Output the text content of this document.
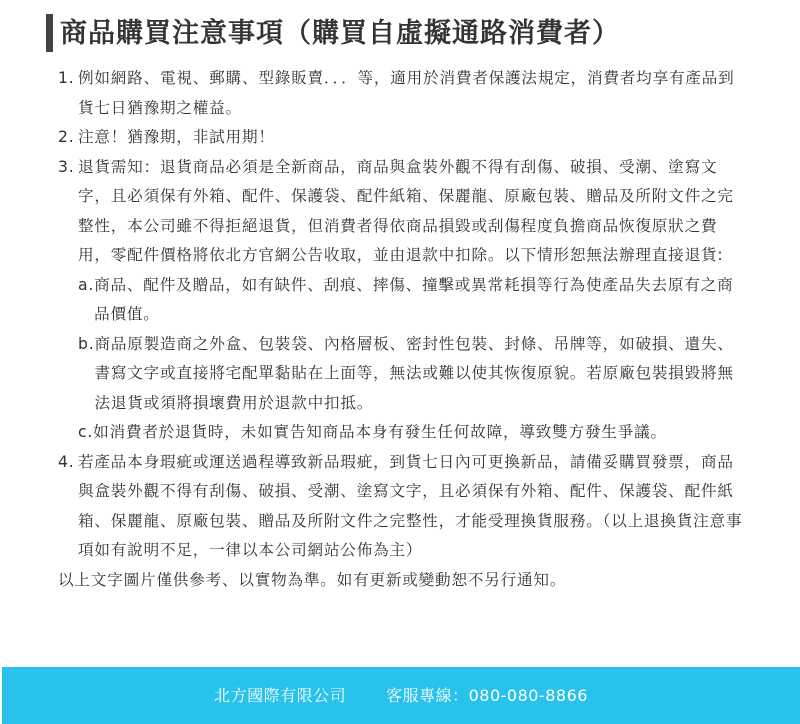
商品購買注意事項（購買自虛擬通路消費者）
1. 例如網路、電視、郵購、型錄販賣．．．等，適用於消費者保護法規定，消費者均享有產品到貨七日猶豫期之權益。
2. 注意！猶豫期，非試用期！
3. 退貨需知：退貨商品必須是全新商品，商品與盒裝外觀不得有刮傷、破損、受潮、塗寫文字，且必須保有外箱、配件、保護袋、配件紙箱、保麗龍、原廠包裝、贈品及所附文件之完整性，本公司雖不得拒絕退貨，但消費者得依商品損毀或刮傷程度負擔商品恢復原狀之費用，零配件價格將依北方官網公告收取，並由退款中扣除。以下情形恕無法辦理直接退貨:
a. 商品、配件及贈品，如有缺件、刮痕、摔傷、撞擊或異常耗損等行為使產品失去原有之商品價值。
b. 商品原製造商之外盒、包裝袋、內格層板、密封性包裝、封條、吊牌等，如破損、遺失、書寫文字或直接將宅配單黏貼在上面等，無法或難以使其恢復原貌。若原廠包裝損毀將無法退貨或須將損壞費用於退款中扣抵。
c. 如消費者於退貨時，未如實告知商品本身有發生任何故障，導致雙方發生爭議。
4. 若產品本身瑕疵或運送過程導致新品瑕疵，到貨七日內可更換新品，請備妥購買發票，商品與盒裝外觀不得有刮傷、破損、受潮、塗寫文字，且必須保有外箱、配件、保護袋、配件紙箱、保麗龍、原廠包裝、贈品及所附文件之完整性，才能受理換貨服務。（以上退換貨注意事項如有說明不足，一律以本公司網站公佈為主）
以上文字圖片僅供參考、以實物為準。如有更新或變動恕不另行通知。
北方國際有限公司	客服專線：080-080-8866
